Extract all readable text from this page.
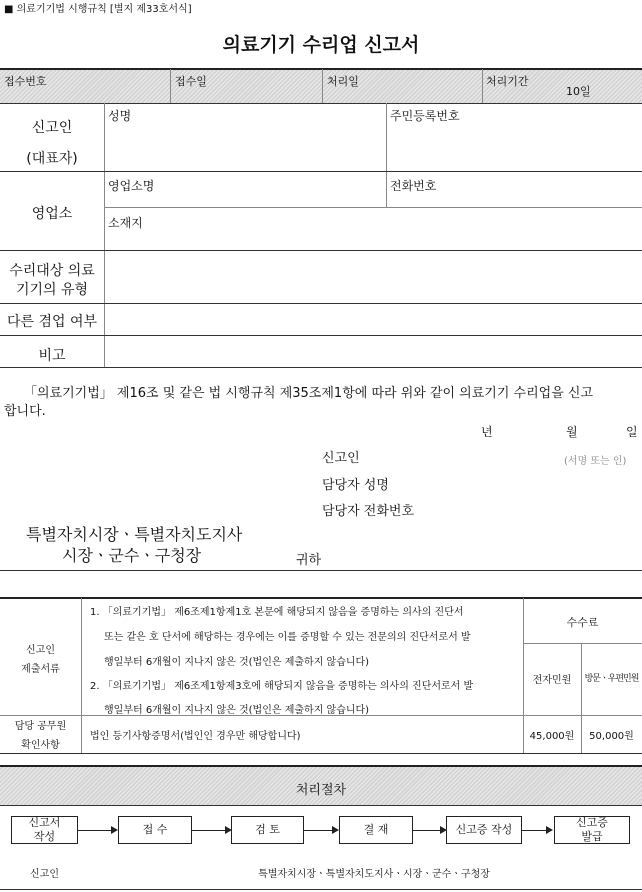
■ 의료기기법 시행규칙 [별지 제33호서식]
의료기기 수리업 신고서
접수번호	접수일	처리일	처리기간
10일
신고인
(대표자)
성명	주민등록번호
영업소
영업소명	전화번호
소재지
수리대상 의료
기기의 유형
다른 겸업 여부
비고
「의료기기법」 제16조 및 같은 법 시행규칙 제35조제1항에 따라 위와 같이 의료기기 수리업을 신고
합니다.
년	월	일
신고인	(서명 또는 인)
담당자 성명
담당자 전화번호
특별자치시장ㆍ특별자치도지사
시장ㆍ군수ㆍ구청장	귀하
신고인
제출서류
1. 「의료기기법」 제6조제1항제1호 본문에 해당되지 않음을 증명하는 의사의 진단서
또는 같은 호 단서에 해당하는 경우에는 이를 증명할 수 있는 전문의의 진단서로서 발
행일부터 6개월이 지나지 않은 것(법인은 제출하지 않습니다)
2. 「의료기기법」 제6조제1항제3호에 해당되지 않음을 증명하는 의사의 진단서로서 발
행일부터 6개월이 지나지 않은 것(법인은 제출하지 않습니다)
수수료
전자민원	방문ㆍ우편민원
담당 공무원
확인사항
법인 등기사항증명서(법인인 경우만 해당합니다)	45,000원	50,000원
처리절차
신고서
작성
접 수	검 토	결 재	신고증 작성
신고증
발급
신고인	특별자치시장ㆍ특별자치도지사ㆍ시장ㆍ군수ㆍ구청장
